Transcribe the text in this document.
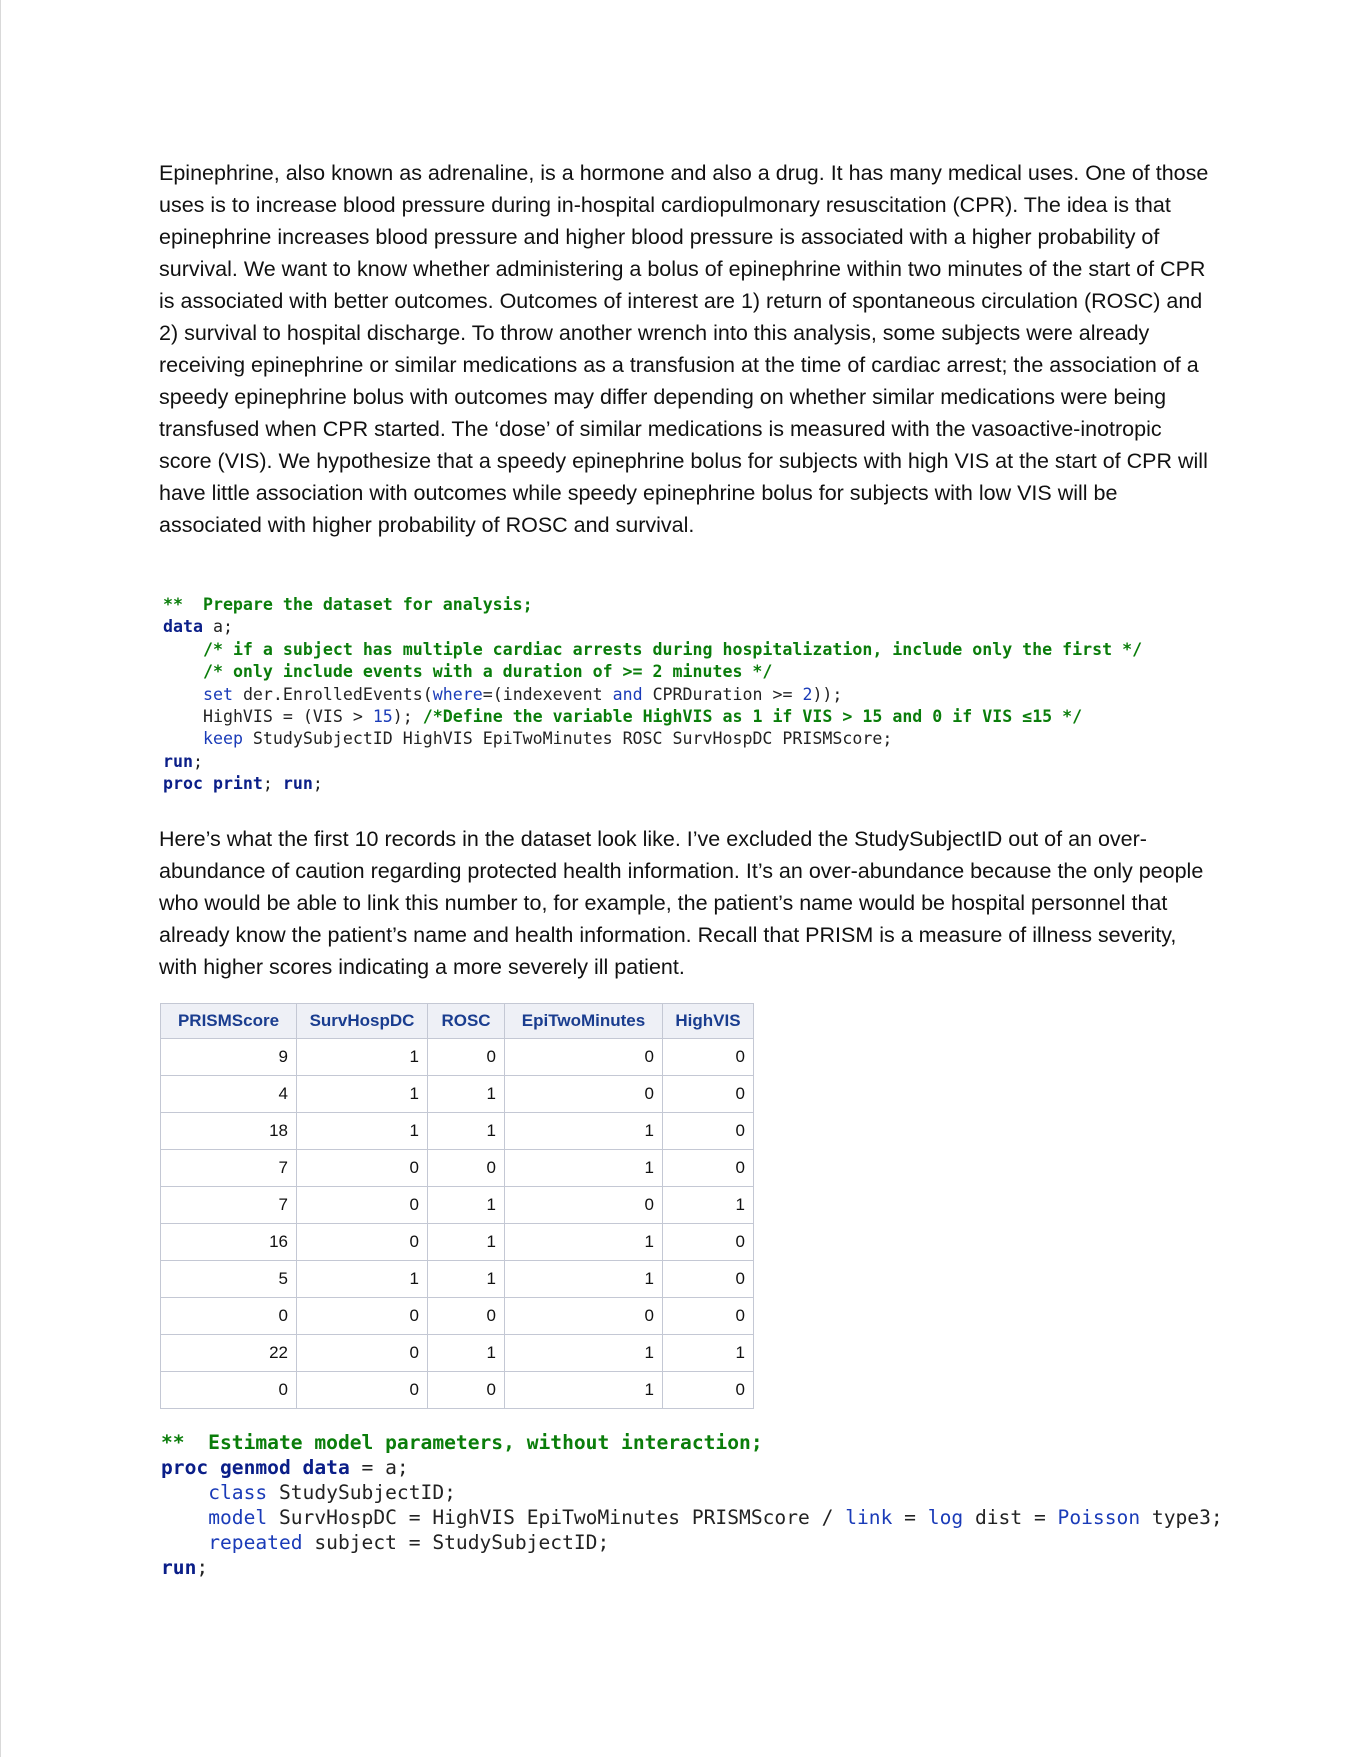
Epinephrine, also known as adrenaline, is a hormone and also a drug. It has many medical uses. One of those uses is to increase blood pressure during in-hospital cardiopulmonary resuscitation (CPR). The idea is that epinephrine increases blood pressure and higher blood pressure is associated with a higher probability of survival. We want to know whether administering a bolus of epinephrine within two minutes of the start of CPR is associated with better outcomes. Outcomes of interest are 1) return of spontaneous circulation (ROSC) and 2) survival to hospital discharge. To throw another wrench into this analysis, some subjects were already receiving epinephrine or similar medications as a transfusion at the time of cardiac arrest; the association of a speedy epinephrine bolus with outcomes may differ depending on whether similar medications were being transfused when CPR started. The ‘dose’ of similar medications is measured with the vasoactive-inotropic score (VIS). We hypothesize that a speedy epinephrine bolus for subjects with high VIS at the start of CPR will have little association with outcomes while speedy epinephrine bolus for subjects with low VIS will be associated with higher probability of ROSC and survival.

**  Prepare the dataset for analysis;
data a;
/* if a subject has multiple cardiac arrests during hospitalization, include only the first */
/* only include events with a duration of >= 2 minutes */
set der.EnrolledEvents(where=(indexevent and CPRDuration >= 2));
HighVIS = (VIS > 15); /*Define the variable HighVIS as 1 if VIS > 15 and 0 if VIS ≤15 */
keep StudySubjectID HighVIS EpiTwoMinutes ROSC SurvHospDC PRISMScore;
run;
proc print; run;

Here’s what the first 10 records in the dataset look like. I’ve excluded the StudySubjectID out of an over-abundance of caution regarding protected health information. It’s an over-abundance because the only people who would be able to link this number to, for example, the patient’s name would be hospital personnel that already know the patient’s name and health information. Recall that PRISM is a measure of illness severity, with higher scores indicating a more severely ill patient.

PRISMScore	SurvHospDC	ROSC	EpiTwoMinutes	HighVIS
9	1	0	0	0
4	1	1	0	0
18	1	1	1	0
7	0	0	1	0
7	0	1	0	1
16	0	1	1	0
5	1	1	1	0
0	0	0	0	0
22	0	1	1	1
0	0	0	1	0
**  Estimate model parameters, without interaction;
proc genmod data = a;
class StudySubjectID;
model SurvHospDC = HighVIS EpiTwoMinutes PRISMScore / link = log dist = Poisson type3;
repeated subject = StudySubjectID;
run;
